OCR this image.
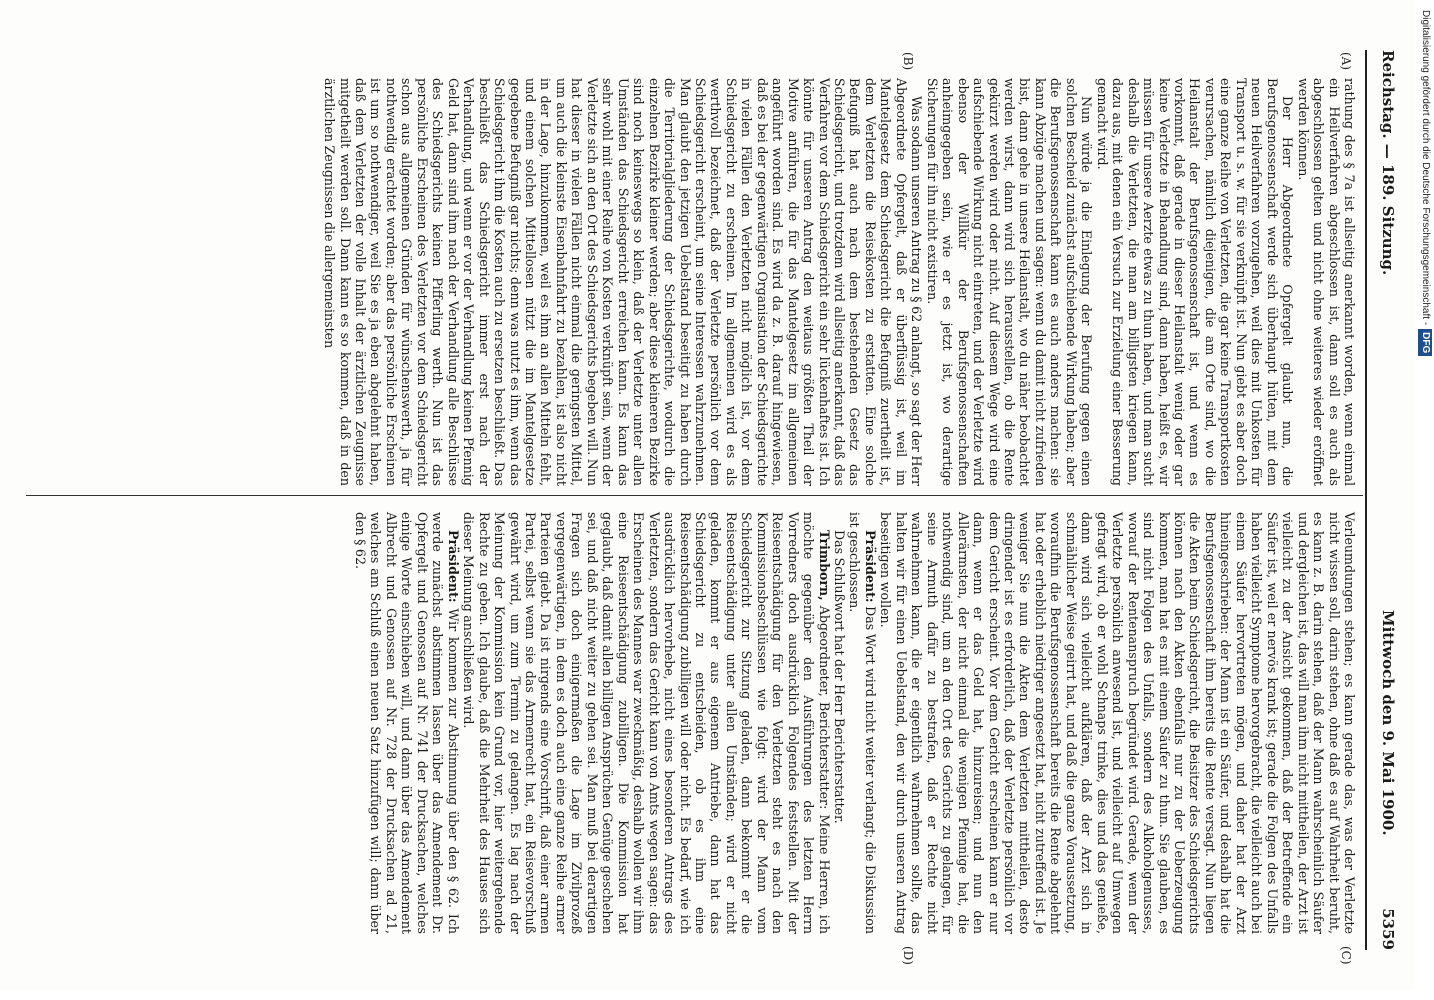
Reichstag. — 189. Sitzung.
Mittwoch den 9. Mai 1900.
5359
(A)
(B)
(C)
(D)

rathung des § 7a ist allseitig anerkannt worden, wenn einmal ein Heilverfahren abgeschlossen ist, dann soll es auch als abgeschlossen gelten und nicht ohne weiteres wieder eröffnet werden können.

Der Herr Abgeordnete Opfergelt glaubt nun, die Berufsgenossenschaft werde sich überhaupt hüten, mit dem neuen Heilverfahren vorzugehen, weil dies mit Unkosten für Transport u. s. w. für sie verknüpft ist. Nun giebt es aber doch eine ganze Reihe von Verletzten, die gar keine Transportkosten verursachen, nämlich diejenigen, die am Orte sind, wo die Heilanstalt der Berufsgenossenschaft ist, und wenn es vorkommt, daß gerade in dieser Heilanstalt wenig oder gar keine Verletzte in Behandlung sind, dann haben, heißt es, wir müssen für unsere Aerzte etwas zu thun haben, und man sucht deshalb die Verletzten, die man am billigsten kriegen kann, dazu aus, mit denen ein Versuch zur Erzielung einer Besserung gemacht wird.

Nun würde ja die Einlegung der Berufung gegen einen solchen Bescheid zunächst aufschiebende Wirkung haben; aber die Berufsgenossenschaft kann es auch anders machen: sie kann Abzüge machen und sagen: wenn du damit nicht zufrieden bist, dann gehe in unsere Heilanstalt, wo du näher beobachtet werden wirst, dann wird sich herausstellen, ob die Rente gekürzt werden wird oder nicht. Auf diesem Wege wird eine aufschiebende Wirkung nicht eintreten, und der Verletzte wird ebenso der Willkür der Berufsgenossenschaften anheimgegeben sein, wie er es jetzt ist, wo derartige Sicherungen für ihn nicht existiren.

Was sodann unseren Antrag zu § 62 anlangt, so sagt der Herr Abgeordnete Opfergelt, daß er überflüssig ist, weil im Mantelgesetz dem Schiedsgericht die Befugniß zuertheilt ist, dem Verletzten die Reisekosten zu erstatten. Eine solche Befugniß hat auch nach dem bestehenden Gesetz das Schiedsgericht, und trotzdem wird allseitig anerkannt, daß das Verfahren vor dem Schiedsgericht ein sehr lückenhaftes ist. Ich könnte für unseren Antrag den weitaus größten Theil der Motive anführen, die für das Mantelgesetz im allgemeinen angeführt worden sind. Es wird da z. B. darauf hingewiesen, daß es bei der gegenwärtigen Organisation der Schiedsgerichte in vielen Fällen den Verletzten nicht möglich ist, vor dem Schiedsgericht zu erscheinen. Im allgemeinen wird es als werthvoll bezeichnet, daß der Verletzte persönlich vor dem Schiedsgericht erscheint, um seine Interessen wahrzunehmen. Man glaubt den jetzigen Uebelstand beseitigt zu haben durch die Territorialgliederung der Schiedsgerichte, wodurch die einzelnen Bezirke kleiner werden; aber diese kleineren Bezirke sind noch keineswegs so klein, daß der Verletzte unter allen Umständen das Schiedsgericht erreichen kann. Es kann das sehr wohl mit einer Reihe von Kosten verknüpft sein, wenn der Verletzte sich an den Ort des Schiedsgerichts begeben will. Nun hat dieser in vielen Fällen nicht einmal die geringsten Mittel, um auch die kleinste Eisenbahnfahrt zu bezahlen, ist also nicht in der Lage, hinzukommen, weil es ihm an allen Mitteln fehlt, und einem solchen Mittellosen nützt die im Mantelgesetze gegebene Befugniß gar nichts; denn was nutzt es ihm, wenn das Schiedsgericht ihm die Kosten auch zu ersetzen beschließt. Das beschließt das Schiedsgericht immer erst nach der Verhandlung, und wenn er vor der Verhandlung keinen Pfennig Geld hat, dann sind ihm nach der Verhandlung alle Beschlüsse des Schiedsgerichts keinen Pifferling werth. Nun ist das persönliche Erscheinen des Verletzten vor dem Schiedsgericht schon aus allgemeinen Gründen für wünschenswerth, ja für nothwendig erachtet worden; aber das persönliche Erscheinen ist um so nothwendiger, weil Sie es ja eben abgelehnt haben, daß dem Verletzten der volle Inhalt der ärztlichen Zeugnisse mitgetheilt werden soll. Dann kann es so kommen, daß in den ärztlichen Zeugnissen die allergemeinsten

Verleumdungen stehen; es kann gerade das, was der Verletzte nicht wissen soll, darin stehen, ohne daß es auf Wahrheit beruht, es kann z. B. darin stehen, daß der Mann wahrscheinlich Säufer und dergleichen ist, das will man ihm nicht mittheilen, der Arzt ist vielleicht zu der Ansicht gekommen, daß der Betreffende ein Säufer ist, weil er nervös krank ist; gerade die Folgen des Unfalls haben vielleicht Symptome hervorgebracht, die vielleicht auch bei einem Säufer hervortreten mögen, und daher hat der Arzt hineingeschrieben: der Mann ist ein Säufer, und deshalb hat die Berufsgenossenschaft ihm bereits die Rente versagt. Nun liegen die Akten beim Schiedsgericht, die Beisitzer des Schiedsgerichts können nach den Akten ebenfalls nur zu der Ueberzeugung kommen, man hat es mit einem Säufer zu thun. Sie glauben, es sind nicht Folgen des Unfalls, sondern des Alkoholgenusses, worauf der Rentenanspruch begründet wird. Gerade, wenn der Verletzte persönlich anwesend ist, und vielleicht auf Umwegen gefragt wird, ob er wohl Schnaps trinke, dies und das genieße, dann wird sich vielleicht aufklären, daß der Arzt sich in schmählicher Weise geirrt hat, und daß die ganze Voraussetzung, woraufhin die Berufsgenossenschaft bereits die Rente abgelehnt hat oder erheblich niedriger angesetzt hat, nicht zutreffend ist. Je weniger Sie nun die Akten dem Verletzten mittheilen, desto dringender ist es erforderlich, daß der Verletzte persönlich vor dem Gericht erscheint. Vor dem Gericht erscheinen kann er nur dann, wenn er das Geld hat, hinzureisen; und nun den Allerärmsten, der nicht einmal die wenigen Pfennige hat, die nothwendig sind, um an den Ort des Gerichts zu gelangen, für seine Armuth dafür zu bestrafen, daß er Rechte nicht wahrnehmen kann, die er eigentlich wahrnehmen sollte, das halten wir für einen Uebelstand, den wir durch unseren Antrag beseitigen wollen.

Präsident: Das Wort wird nicht weiter verlangt; die Diskussion ist geschlossen.

Das Schlußwort hat der Herr Berichterstatter.

Trimborn, Abgeordneter, Berichterstatter: Meine Herren, ich möchte gegenüber den Ausführungen des letzten Herrn Vorredners doch ausdrücklich Folgendes feststellen. Mit der Reiseentschädigung für den Verletzten steht es nach den Kommissionsbeschlüssen wie folgt: wird der Mann vom Schiedsgericht zur Sitzung geladen, dann bekommt er die Reiseentschädigung unter allen Umständen; wird er nicht geladen, kommt er aus eigenem Antriebe, dann hat das Schiedsgericht zu entscheiden, ob es ihm eine Reiseentschädigung zubilligen will oder nicht. Es bedarf, wie ich ausdrücklich hervorhebe, nicht eines besonderen Antrags des Verletzten, sondern das Gericht kann von Amts wegen sagen: das Erscheinen des Mannes war zweckmäßig, deshalb wollen wir ihm eine Reiseentschädigung zubilligen. Die Kommission hat geglaubt, daß damit allen billigen Ansprüchen Genüge geschehen sei, und daß nicht weiter zu gehen sei. Man muß bei derartigen Fragen sich doch einigermaßen die Lage im Zivilprozeß vergegenwärtigen, in dem es doch auch eine ganze Reihe armer Parteien giebt. Da ist nirgends eine Vorschrift, daß einer armen Partei, selbst wenn sie das Armenrecht hat, ein Reisevorschuß gewährt wird, um zum Termin zu gelangen. Es lag nach der Meinung der Kommission kein Grund vor, hier weitergehende Rechte zu geben. Ich glaube, daß die Mehrheit des Hauses sich dieser Meinung anschließen wird.

Präsident: Wir kommen zur Abstimmung über den § 62. Ich werde zunächst abstimmen lassen über das Amendement Dr. Opfergelt und Genossen auf Nr. 741 der Drucksachen, welches einige Worte einschieben will, und dann über das Amendement Albrecht und Genossen auf Nr. 728 der Drucksachen ad 21, welches am Schluß einen neuen Satz hinzufügen will; dann über den § 62.

Digitalisierung gefördert durch die Deutsche Forschungsgemeinschaft -DFG
